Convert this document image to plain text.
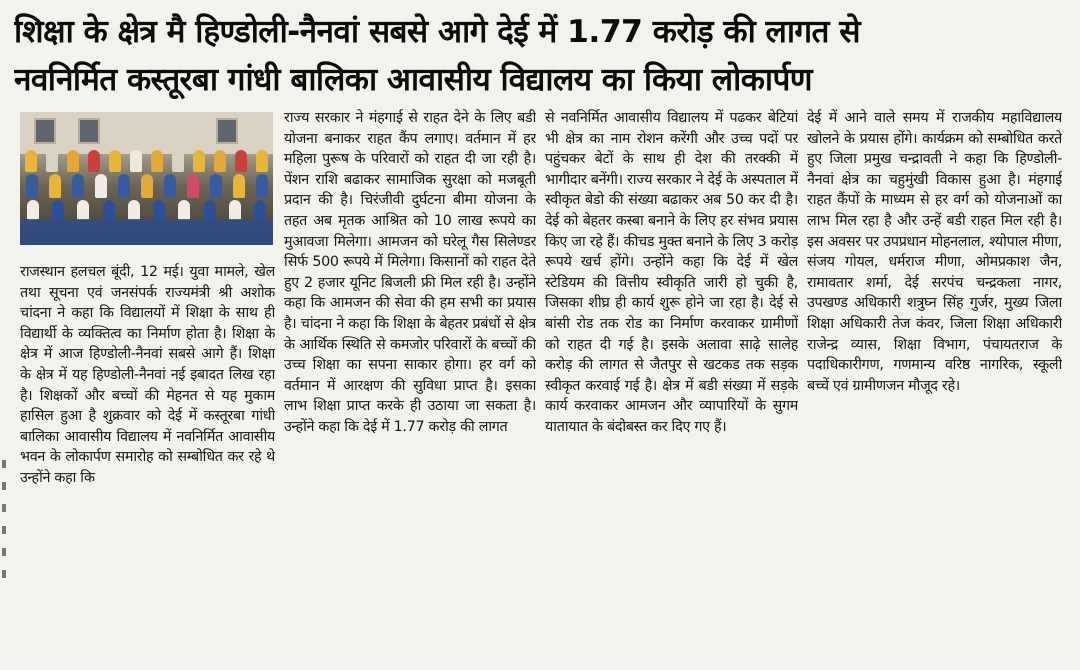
शिक्षा के क्षेत्र मै हिण्डोली-नैनवां सबसे आगे देई में 1.77 करोड़ की लागत से
नवनिर्मित कस्तूरबा गांधी बालिका आवासीय विद्यालय का किया लोकार्पण

राजस्थान हलचल बूंदी, 12 मई। युवा मामले, खेल तथा सूचना एवं जनसंपर्क राज्यमंत्री श्री अशोक चांदना ने कहा कि विद्यालयों में शिक्षा के साथ ही विद्यार्थी के व्यक्तित्व का निर्माण होता है। शिक्षा के क्षेत्र में आज हिण्डोली-नैनवां सबसे आगे हैं। शिक्षा के क्षेत्र में यह हिण्डोली-नैनवां नई इबादत लिख रहा है। शिक्षकों और बच्चों की मेहनत से यह मुकाम हासिल हुआ है शुक्रवार को देई में कस्तूरबा गांधी बालिका आवासीय विद्यालय में नवनिर्मित आवासीय भवन के लोकार्पण समारोह को सम्बोधित कर रहे थे उन्होंने कहा कि

राज्य सरकार ने मंहगाई से राहत देने के लिए बडी योजना बनाकर राहत कैंप लगाए। वर्तमान में हर महिला पुरूष के परिवारों को राहत दी जा रही है। पेंशन राशि बढाकर सामाजिक सुरक्षा को मजबूती प्रदान की है। चिरंजीवी दुर्घटना बीमा योजना के तहत अब मृतक आश्रित को 10 लाख रूपये का मुआवजा मिलेगा। आमजन को घरेलू गैस सिलेण्डर सिर्फ 500 रूपये में मिलेगा। किसानों को राहत देते हुए 2 हजार यूनिट बिजली फ्री मिल रही है। उन्होंने कहा कि आमजन की सेवा की हम सभी का प्रयास है। चांदना ने कहा कि शिक्षा के बेहतर प्रबंधों से क्षेत्र के आर्थिक स्थिति से कमजोर परिवारों के बच्चों की उच्च शिक्षा का सपना साकार होगा। हर वर्ग को वर्तमान में आरक्षण की सुविधा प्राप्त है। इसका लाभ शिक्षा प्राप्त करके ही उठाया जा सकता है। उन्होंने कहा कि देई में 1.77 करोड़ की लागत

से नवनिर्मित आवासीय विद्यालय में पढकर बेटियां भी क्षेत्र का नाम रोशन करेंगी और उच्च पदों पर पहुंचकर बेटों के साथ ही देश की तरक्की में भागीदार बनेंगी। राज्य सरकार ने देई के अस्पताल में स्वीकृत बेडो की संख्या बढाकर अब 50 कर दी है। देई को बेहतर कस्बा बनाने के लिए हर संभव प्रयास किए जा रहे हैं। कीचड मुक्त बनाने के लिए 3 करोड़ रूपये खर्च होंगे। उन्होंने कहा कि देई में खेल स्टेडियम की वित्तीय स्वीकृति जारी हो चुकी है, जिसका शीघ्र ही कार्य शुरू होने जा रहा है। देई से बांसी रोड तक रोड का निर्माण करवाकर ग्रामीणों को राहत दी गई है। इसके अलावा साढ़े सालेह करोड़ की लागत से जैतपुर से खटकड तक सड़क स्वीकृत करवाई गई है। क्षेत्र में बडी संख्या में सड़के कार्य करवाकर आमजन और व्यापारियों के सुगम यातायात के बंदोबस्त कर दिए गए हैं।

देई में आने वाले समय में राजकीय महाविद्यालय खोलने के प्रयास होंगे। कार्यक्रम को सम्बोधित करते हुए जिला प्रमुख चन्द्रावती ने कहा कि हिण्डोली-नैनवां क्षेत्र का चहुमुंखी विकास हुआ है। मंहगाई राहत कैंपों के माध्यम से हर वर्ग को योजनाओं का लाभ मिल रहा है और उन्हें बडी राहत मिल रही है।इस अवसर पर उपप्रधान मोहनलाल, श्योपाल मीणा, संजय गोयल, धर्मराज मीणा, ओमप्रकाश जैन, रामावतार शर्मा, देई सरपंच चन्द्रकला नागर, उपखण्ड अधिकारी शत्रुघ्न सिंह गुर्जर, मुख्य जिला शिक्षा अधिकारी तेज कंवर, जिला शिक्षा अधिकारी राजेन्द्र व्यास, शिक्षा विभाग, पंचायतराज के पदाधिकारीगण, गणमान्य वरिष्ठ नागरिक, स्कूली बच्चें एवं ग्रामीणजन मौजूद रहे।
